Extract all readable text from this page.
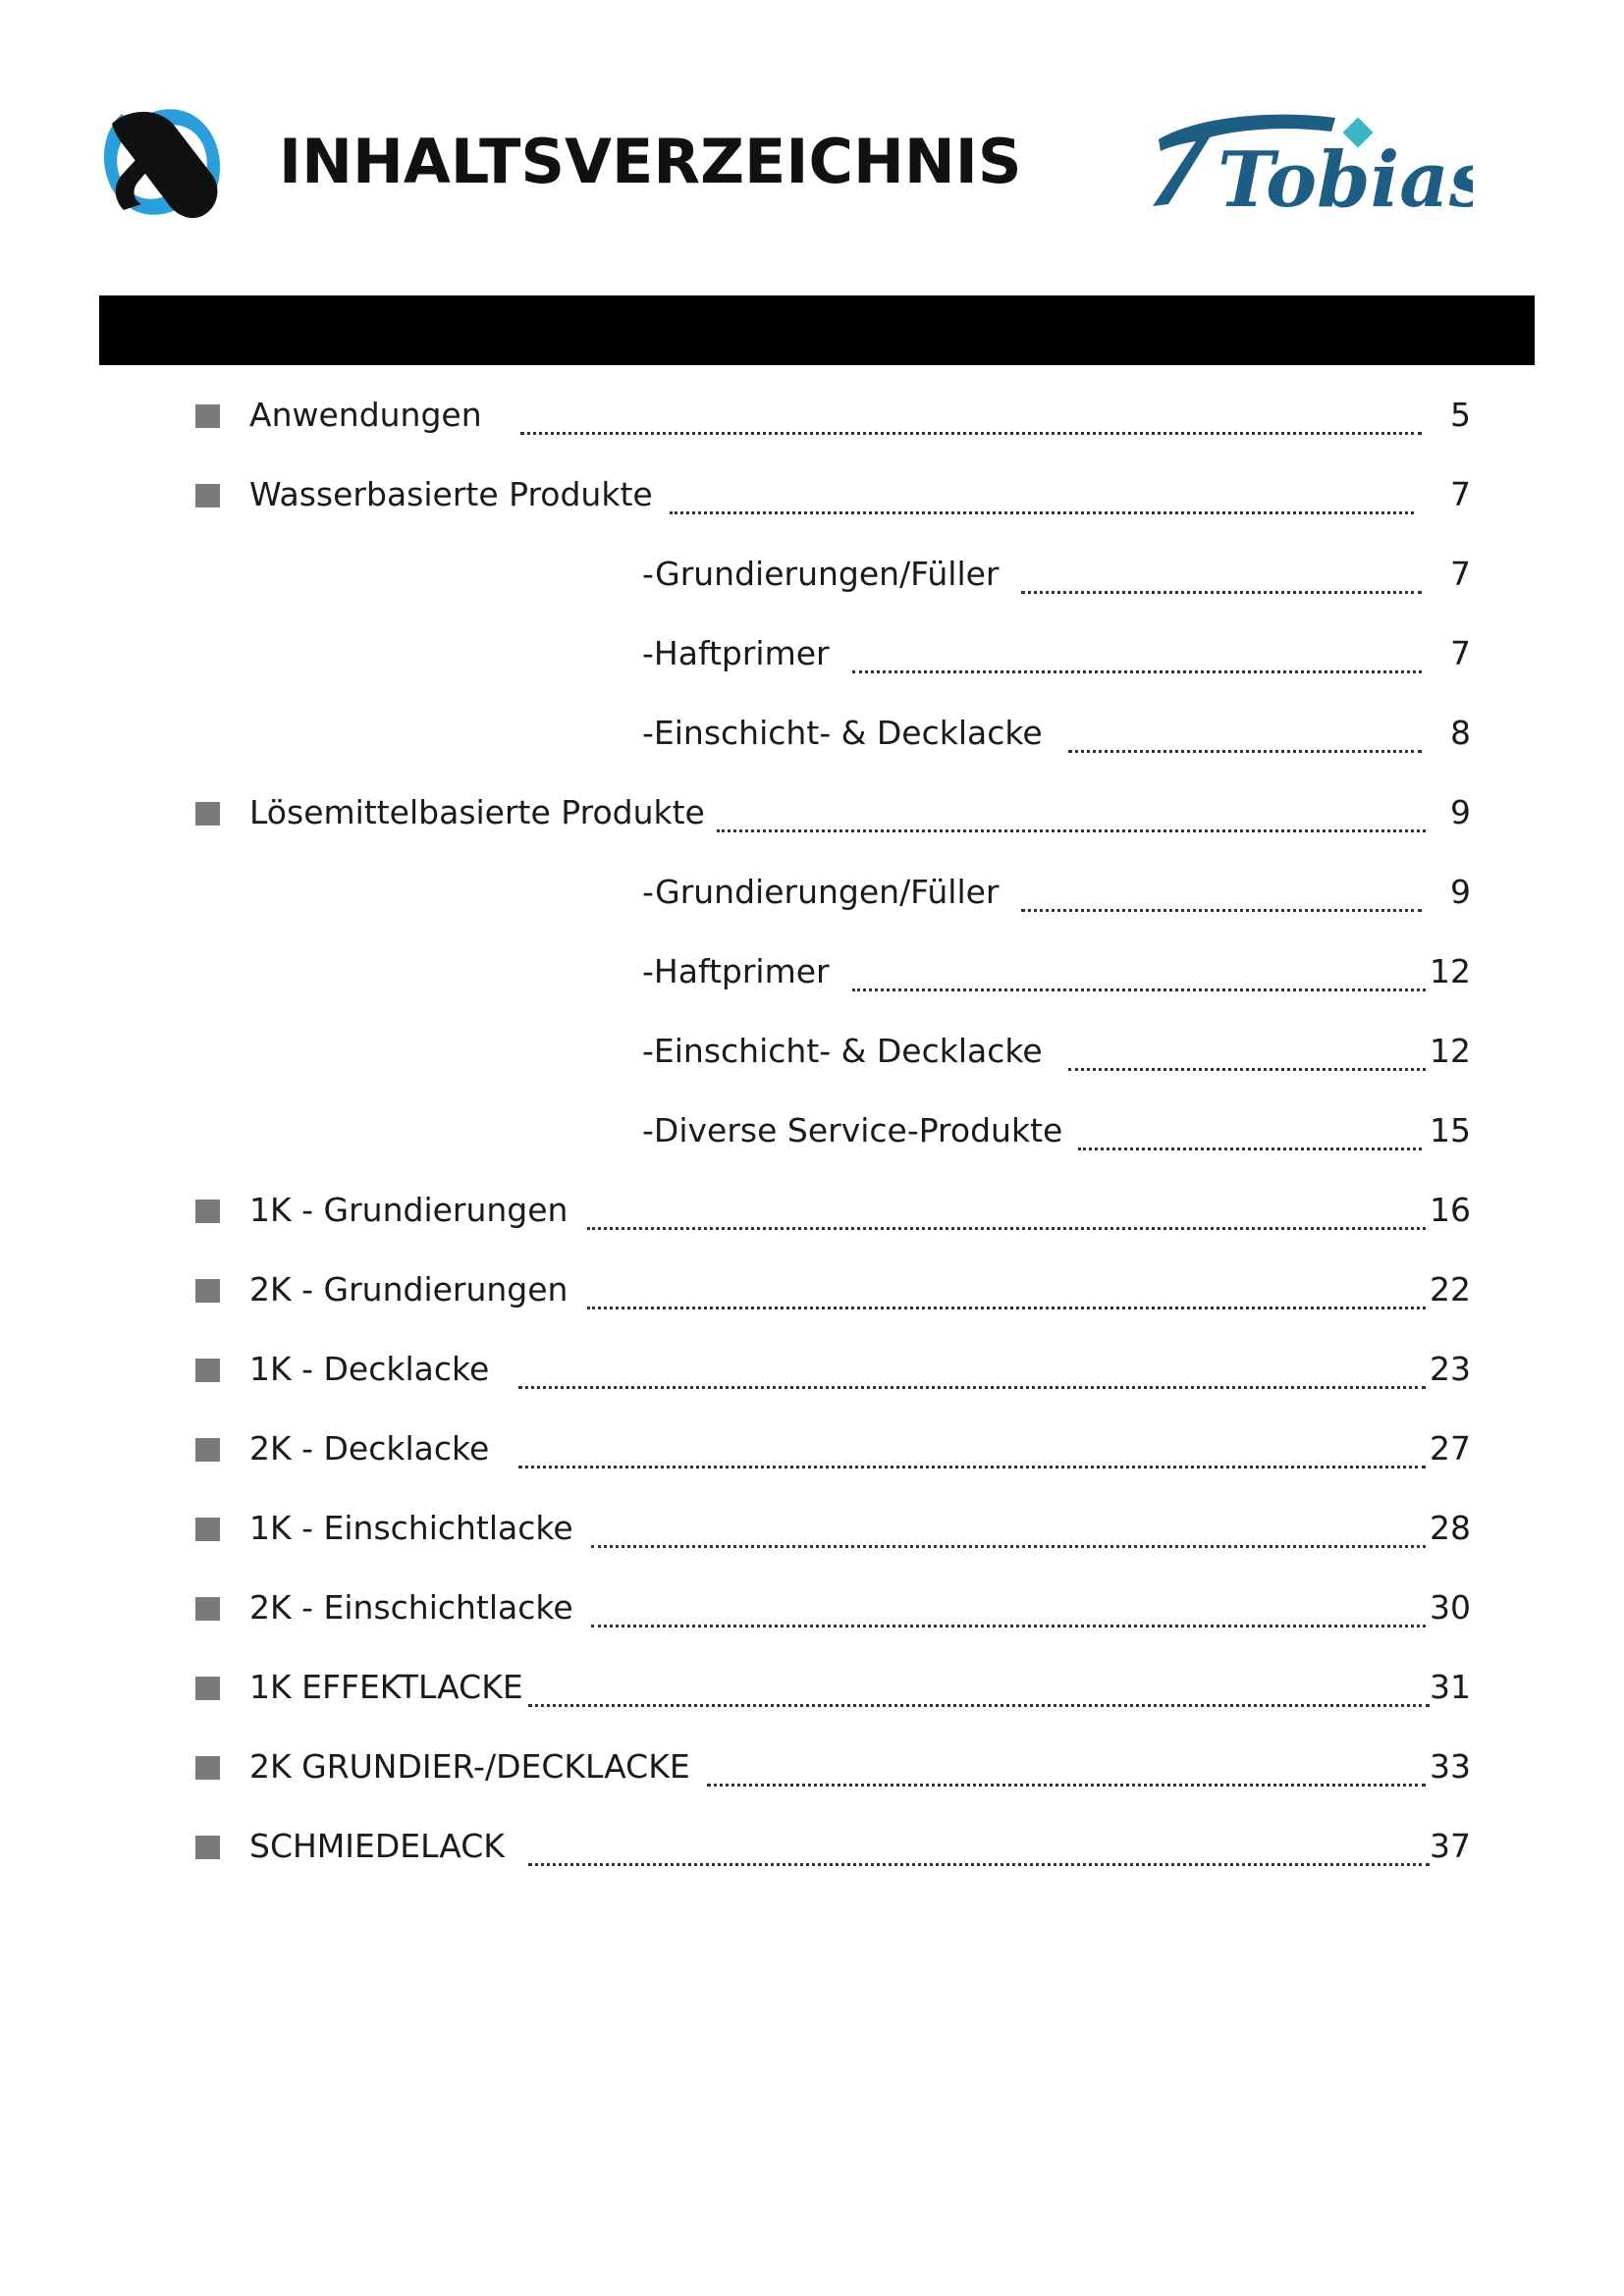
INHALTSVERZEICHNIS	Tobias
Anwendungen	5
Wasserbasierte Produkte	7
-Grundierungen/Füller	7
-Haftprimer	7
-Einschicht- & Decklacke	8
Lösemittelbasierte Produkte	9
-Grundierungen/Füller	9
-Haftprimer	12
-Einschicht- & Decklacke	12
-Diverse Service-Produkte	15
1K - Grundierungen	16
2K - Grundierungen	22
1K - Decklacke	23
2K - Decklacke	27
1K - Einschichtlacke	28
2K - Einschichtlacke	30
1K EFFEKTLACKE	31
2K GRUNDIER-/DECKLACKE	33
SCHMIEDELACK	37
